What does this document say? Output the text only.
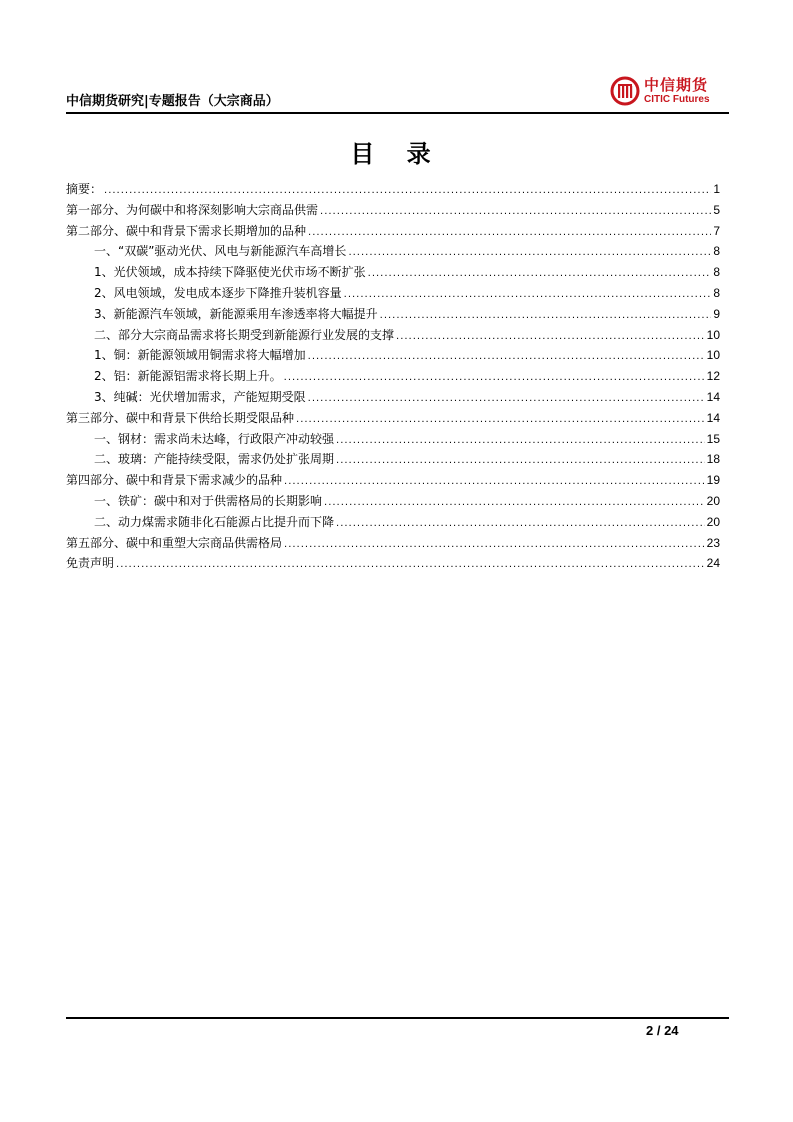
中信期货研究|专题报告（大宗商品）
中信期货
CITIC Futures
目 录
摘要： .....	1
第一部分、为何碳中和将深刻影响大宗商品供需 .....	5
第二部分、碳中和背景下需求长期增加的品种 .....	7
一、“双碳”驱动光伏、风电与新能源汽车高增长 .....	8
1、光伏领域，成本持续下降驱使光伏市场不断扩张 .....	8
2、风电领域，发电成本逐步下降推升装机容量 .....	8
3、新能源汽车领域，新能源乘用车渗透率将大幅提升 .....	9
二、部分大宗商品需求将长期受到新能源行业发展的支撑 .....	10
1、铜：新能源领域用铜需求将大幅增加 .....	10
2、铝：新能源铝需求将长期上升。 .....	12
3、纯碱：光伏增加需求，产能短期受限 .....	14
第三部分、碳中和背景下供给长期受限品种 .....	14
一、钢材：需求尚未达峰，行政限产冲动较强 .....	15
二、玻璃：产能持续受限，需求仍处扩张周期 .....	18
第四部分、碳中和背景下需求减少的品种 .....	19
一、铁矿：碳中和对于供需格局的长期影响 .....	20
二、动力煤需求随非化石能源占比提升而下降 .....	20
第五部分、碳中和重塑大宗商品供需格局 .....	23
免责声明 .....	24
2 / 24
